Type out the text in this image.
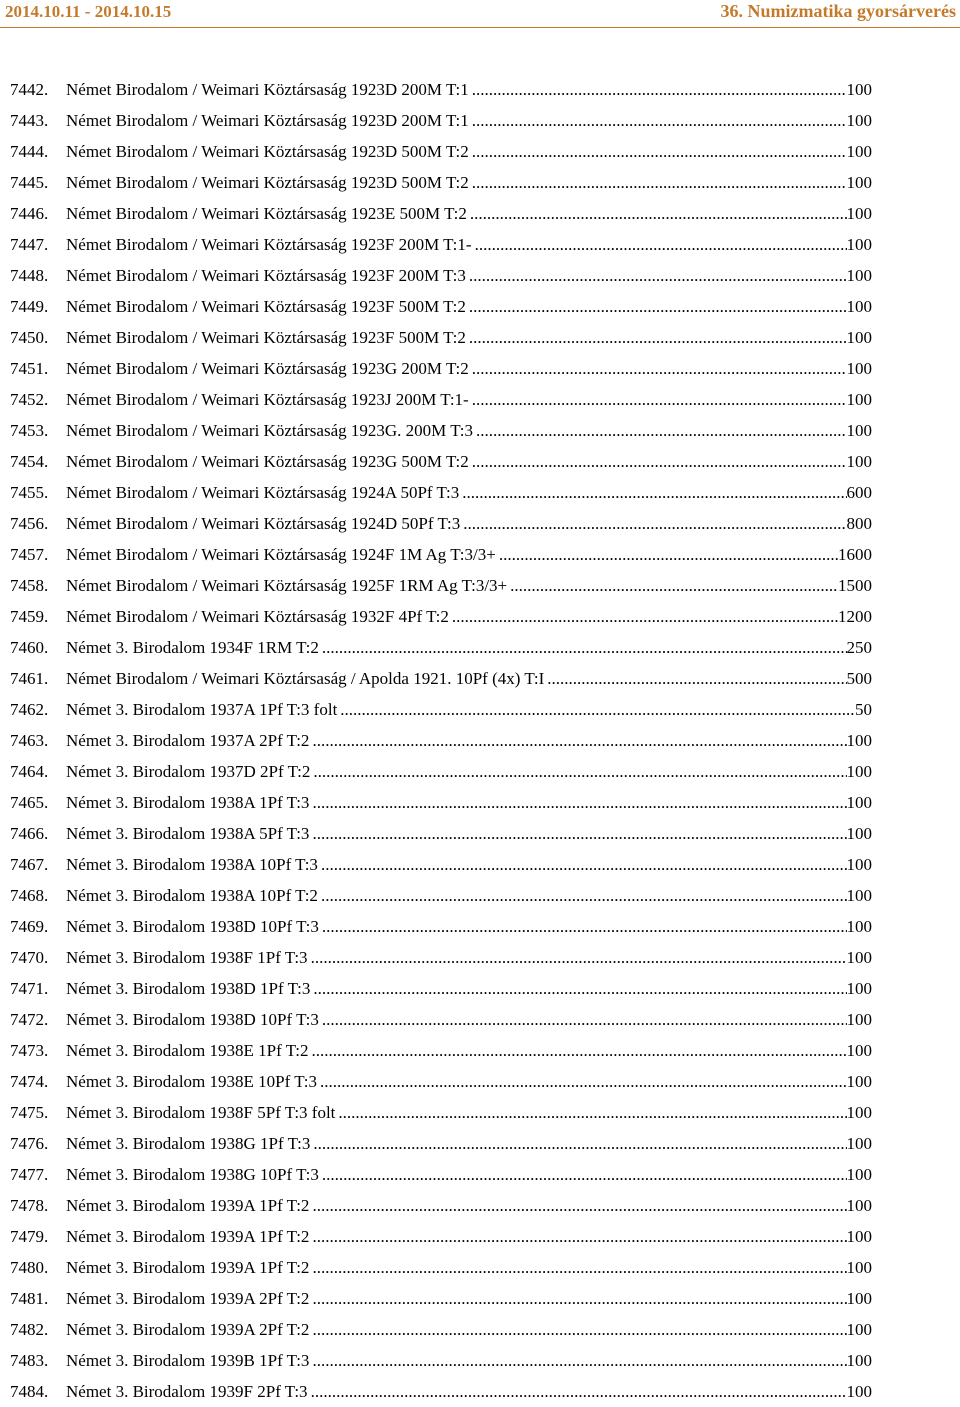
2014.10.11 - 2014.10.15	36. Numizmatika gyorsárverés
7442. Német Birodalom / Weimari Köztársaság 1923D 200M T:1 .....	100
7443. Német Birodalom / Weimari Köztársaság 1923D 200M T:1 .....	100
7444. Német Birodalom / Weimari Köztársaság 1923D 500M T:2 .....	100
7445. Német Birodalom / Weimari Köztársaság 1923D 500M T:2 .....	100
7446. Német Birodalom / Weimari Köztársaság 1923E 500M T:2 .....	100
7447. Német Birodalom / Weimari Köztársaság 1923F 200M T:1- .....	100
7448. Német Birodalom / Weimari Köztársaság 1923F 200M T:3 .....	100
7449. Német Birodalom / Weimari Köztársaság 1923F 500M T:2 .....	100
7450. Német Birodalom / Weimari Köztársaság 1923F 500M T:2 .....	100
7451. Német Birodalom / Weimari Köztársaság 1923G 200M T:2 .....	100
7452. Német Birodalom / Weimari Köztársaság 1923J 200M T:1- .....	100
7453. Német Birodalom / Weimari Köztársaság 1923G. 200M T:3 .....	100
7454. Német Birodalom / Weimari Köztársaság 1923G 500M T:2 .....	100
7455. Német Birodalom / Weimari Köztársaság 1924A 50Pf T:3 .....	600
7456. Német Birodalom / Weimari Köztársaság 1924D 50Pf T:3 .....	800
7457. Német Birodalom / Weimari Köztársaság 1924F 1M Ag T:3/3+ .....	1600
7458. Német Birodalom / Weimari Köztársaság 1925F 1RM Ag T:3/3+ .....	1500
7459. Német Birodalom / Weimari Köztársaság 1932F 4Pf T:2 .....	1200
7460. Német 3. Birodalom 1934F 1RM T:2 .....	250
7461. Német Birodalom / Weimari Köztársaság / Apolda 1921. 10Pf (4x) T:I .....	500
7462. Német 3. Birodalom 1937A 1Pf T:3 folt .....	50
7463. Német 3. Birodalom 1937A 2Pf T:2 .....	100
7464. Német 3. Birodalom 1937D 2Pf T:2 .....	100
7465. Német 3. Birodalom 1938A 1Pf T:3 .....	100
7466. Német 3. Birodalom 1938A 5Pf T:3 .....	100
7467. Német 3. Birodalom 1938A 10Pf T:3 .....	100
7468. Német 3. Birodalom 1938A 10Pf T:2 .....	100
7469. Német 3. Birodalom 1938D 10Pf T:3 .....	100
7470. Német 3. Birodalom 1938F 1Pf T:3 .....	100
7471. Német 3. Birodalom 1938D 1Pf T:3 .....	100
7472. Német 3. Birodalom 1938D 10Pf T:3 .....	100
7473. Német 3. Birodalom 1938E 1Pf T:2 .....	100
7474. Német 3. Birodalom 1938E 10Pf T:3 .....	100
7475. Német 3. Birodalom 1938F 5Pf T:3 folt .....	100
7476. Német 3. Birodalom 1938G 1Pf T:3 .....	100
7477. Német 3. Birodalom 1938G 10Pf T:3 .....	100
7478. Német 3. Birodalom 1939A 1Pf T:2 .....	100
7479. Német 3. Birodalom 1939A 1Pf T:2 .....	100
7480. Német 3. Birodalom 1939A 1Pf T:2 .....	100
7481. Német 3. Birodalom 1939A 2Pf T:2 .....	100
7482. Német 3. Birodalom 1939A 2Pf T:2 .....	100
7483. Német 3. Birodalom 1939B 1Pf T:3 .....	100
7484. Német 3. Birodalom 1939F 2Pf T:3 .....	100
